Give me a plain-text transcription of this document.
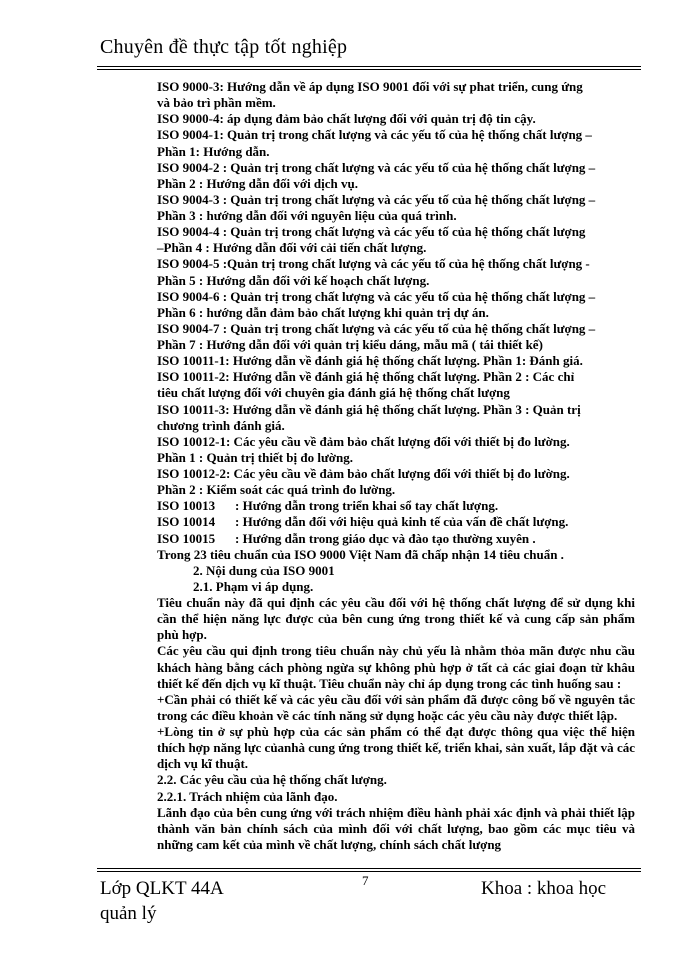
Chuyên đề thực tập tốt nghiệp
ISO 9000-3: Hướng dẫn về áp dụng ISO 9001 đối với sự phat triển, cung ứng
và bảo trì phần mềm.
ISO 9000-4: áp dụng đảm bảo chất lượng đối với quản trị độ tin cậy.
ISO 9004-1: Quản trị trong chất lượng và các yếu tố của hệ thống chất lượng –
Phần 1: Hướng dẫn.
ISO 9004-2 : Quản trị trong chất lượng và các yếu tố của hệ thống chất lượng –
Phần 2 : Hướng dẫn đối với dịch vụ.
ISO 9004-3 : Quản trị trong chất lượng và các yếu tố của hệ thống chất lượng –
Phần 3 : hướng dẫn đối với nguyên liệu của quá trình.
ISO 9004-4 : Quản trị trong chất lượng và các yếu tố của hệ thống chất lượng
–Phần 4 : Hướng dẫn đối với cải tiến chất lượng.
ISO 9004-5 :Quản trị trong chất lượng và các yếu tố của hệ thống chất lượng -
Phần 5 : Hướng dẫn đối với kế hoạch chất lượng.
ISO 9004-6 : Quản trị trong chất lượng và các yếu tố của hệ thống chất lượng –
Phần 6 : hướng dẫn đảm bảo chất lượng khi quản trị dự án.
ISO 9004-7 : Quản trị trong chất lượng và các yếu tố của hệ thống chất lượng –
Phần 7 : Hướng dẫn đối với quản trị kiểu dáng, mẫu mã ( tái thiết kế)
ISO 10011-1: Hướng dẫn về đánh giá hệ thống chất lượng. Phần 1: Đánh giá.
ISO 10011-2: Hướng dẫn về đánh giá hệ thống chất lượng. Phần 2 : Các chỉ
tiêu chất lượng đối với chuyên gia đánh giá hệ thống chất lượng
ISO 10011-3: Hướng dẫn về đánh giá hệ thống chất lượng. Phần 3 : Quản trị
chương trình đánh giá.
ISO 10012-1: Các yêu cầu về đảm bảo chất lượng đối với thiết bị đo lường.
Phần 1 : Quản trị thiết bị đo lường.
ISO 10012-2: Các yêu cầu về đảm bảo chất lượng đối với thiết bị đo lường.
Phần 2 : Kiểm soát các quá trình đo lường.
ISO 10013 : Hướng dẫn trong triển khai sổ tay chất lượng.
ISO 10014 : Hướng dẫn đối với hiệu quả kinh tế của vấn đề chất lượng.
ISO 10015 : Hướng dẫn trong giáo dục và đào tạo thường xuyên .
Trong 23 tiêu chuẩn của ISO 9000 Việt Nam đã chấp nhận 14 tiêu chuẩn .
2. Nội dung của ISO 9001
2.1. Phạm vi áp dụng.
Tiêu chuẩn này đã qui định các yêu cầu đối với hệ thống chất lượng để sử dụng khi cần thể hiện năng lực được của bên cung ứng trong thiết kế và cung cấp sản phẩm phù hợp.
Các yêu cầu qui định trong tiêu chuẩn này chủ yếu là nhằm thỏa mãn được nhu cầu khách hàng bằng cách phòng ngừa sự không phù hợp ở tất cả các giai đoạn từ khâu thiết kế đến dịch vụ kĩ thuật. Tiêu chuẩn này chỉ áp dụng trong các tình huống sau :
+Cần phải có thiết kế và các yêu cầu đối với sản phẩm đã được công bố về nguyên tắc trong các điều khoản về các tính năng sử dụng hoặc các yêu cầu này được thiết lập.
+Lòng tin ở sự phù hợp của các sản phẩm có thể đạt được thông qua việc thể hiện thích hợp năng lực củanhà cung ứng trong thiết kế, triển khai, sản xuất, lắp đặt và các dịch vụ kĩ thuật.
2.2. Các yêu cầu của hệ thống chất lượng.
2.2.1. Trách nhiệm của lãnh đạo.
Lãnh đạo của bên cung ứng với trách nhiệm điều hành phải xác định và phải thiết lập thành văn bản chính sách của mình đối với chất lượng, bao gồm các mục tiêu và những cam kết của mình về chất lượng, chính sách chất lượng
Lớp QLKT 44A
quản lý
7	Khoa : khoa học
